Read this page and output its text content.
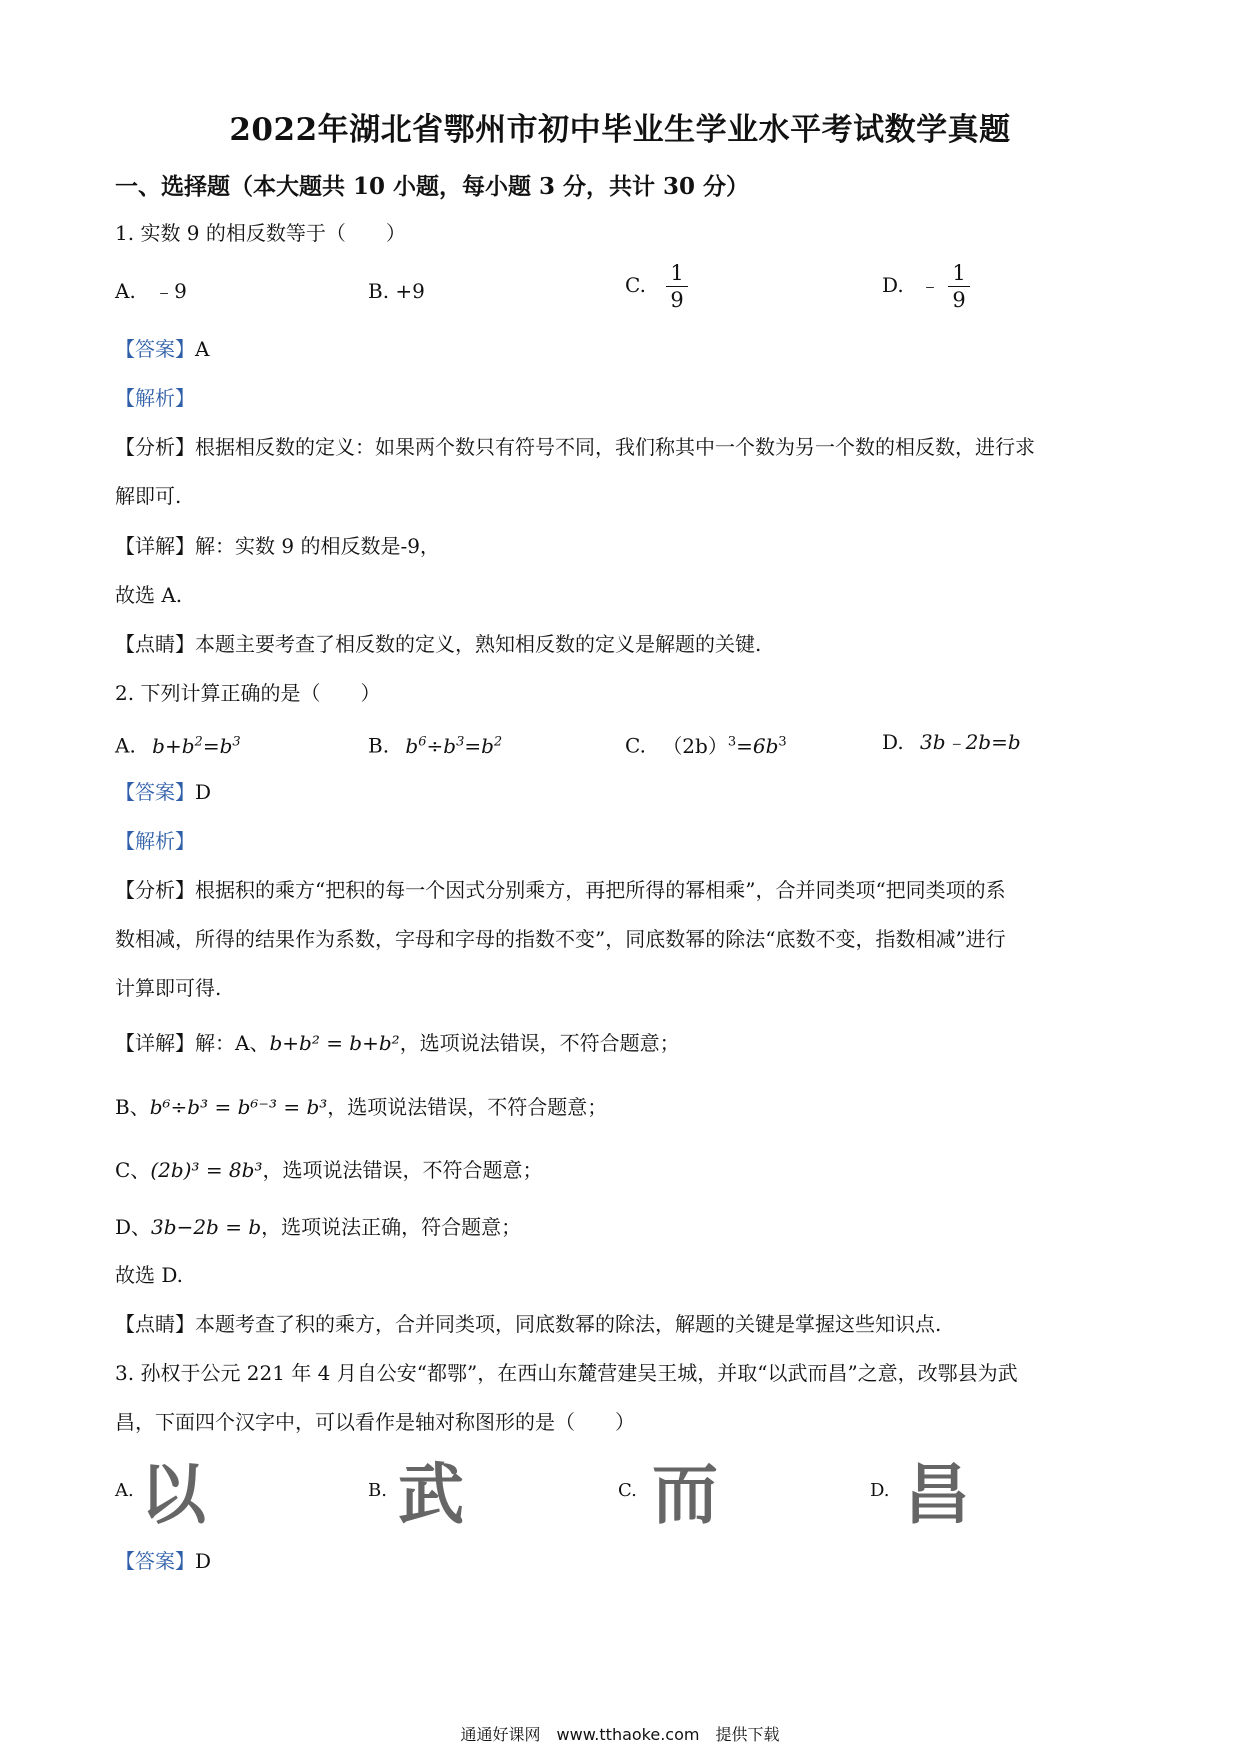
2022年湖北省鄂州市初中毕业生学业水平考试数学真题
一、选择题（本大题共 10 小题，每小题 3 分，共计 30 分）
1. 实数 9 的相反数等于（　　）
A. ﹣9	B. +9	C. $\frac{1}{9}$	D. ﹣ $\frac{1}{9}$
【答案】A
【解析】
【分析】根据相反数的定义：如果两个数只有符号不同，我们称其中一个数为另一个数的相反数，进行求
解即可.
【详解】解：实数 9 的相反数是-9，
故选 A.
【点睛】本题主要考查了相反数的定义，熟知相反数的定义是解题的关键.
2. 下列计算正确的是（　　）
A. $b+b^2=b^3$	B. $b^6\div b^3=b^2$	C. $(2b)^3=6b^3$	D. 3b﹣2b=b
【答案】D
【解析】
【分析】根据积的乘方“把积的每一个因式分别乘方，再把所得的幂相乘”，合并同类项“把同类项的系
数相减，所得的结果作为系数，字母和字母的指数不变”，同底数幂的除法“底数不变，指数相减”进行
计算即可得.
【详解】解：A、b+b² = b+b²，选项说法错误，不符合题意；
B、b⁶÷b³ = b⁶⁻³ = b³，选项说法错误，不符合题意；
C、(2b)³ = 8b³，选项说法错误，不符合题意；
D、3b−2b = b，选项说法正确，符合题意；
故选 D.
【点睛】本题考查了积的乘方，合并同类项，同底数幂的除法，解题的关键是掌握这些知识点.
3. 孙权于公元 221 年 4 月自公安“都鄂”，在西山东麓营建吴王城，并取“以武而昌”之意，改鄂县为武
昌，下面四个汉字中，可以看作是轴对称图形的是（　　）
A. 以	B. 武	C. 而	D. 昌
【答案】D
通通好课网　www.tthaoke.com　提供下载
